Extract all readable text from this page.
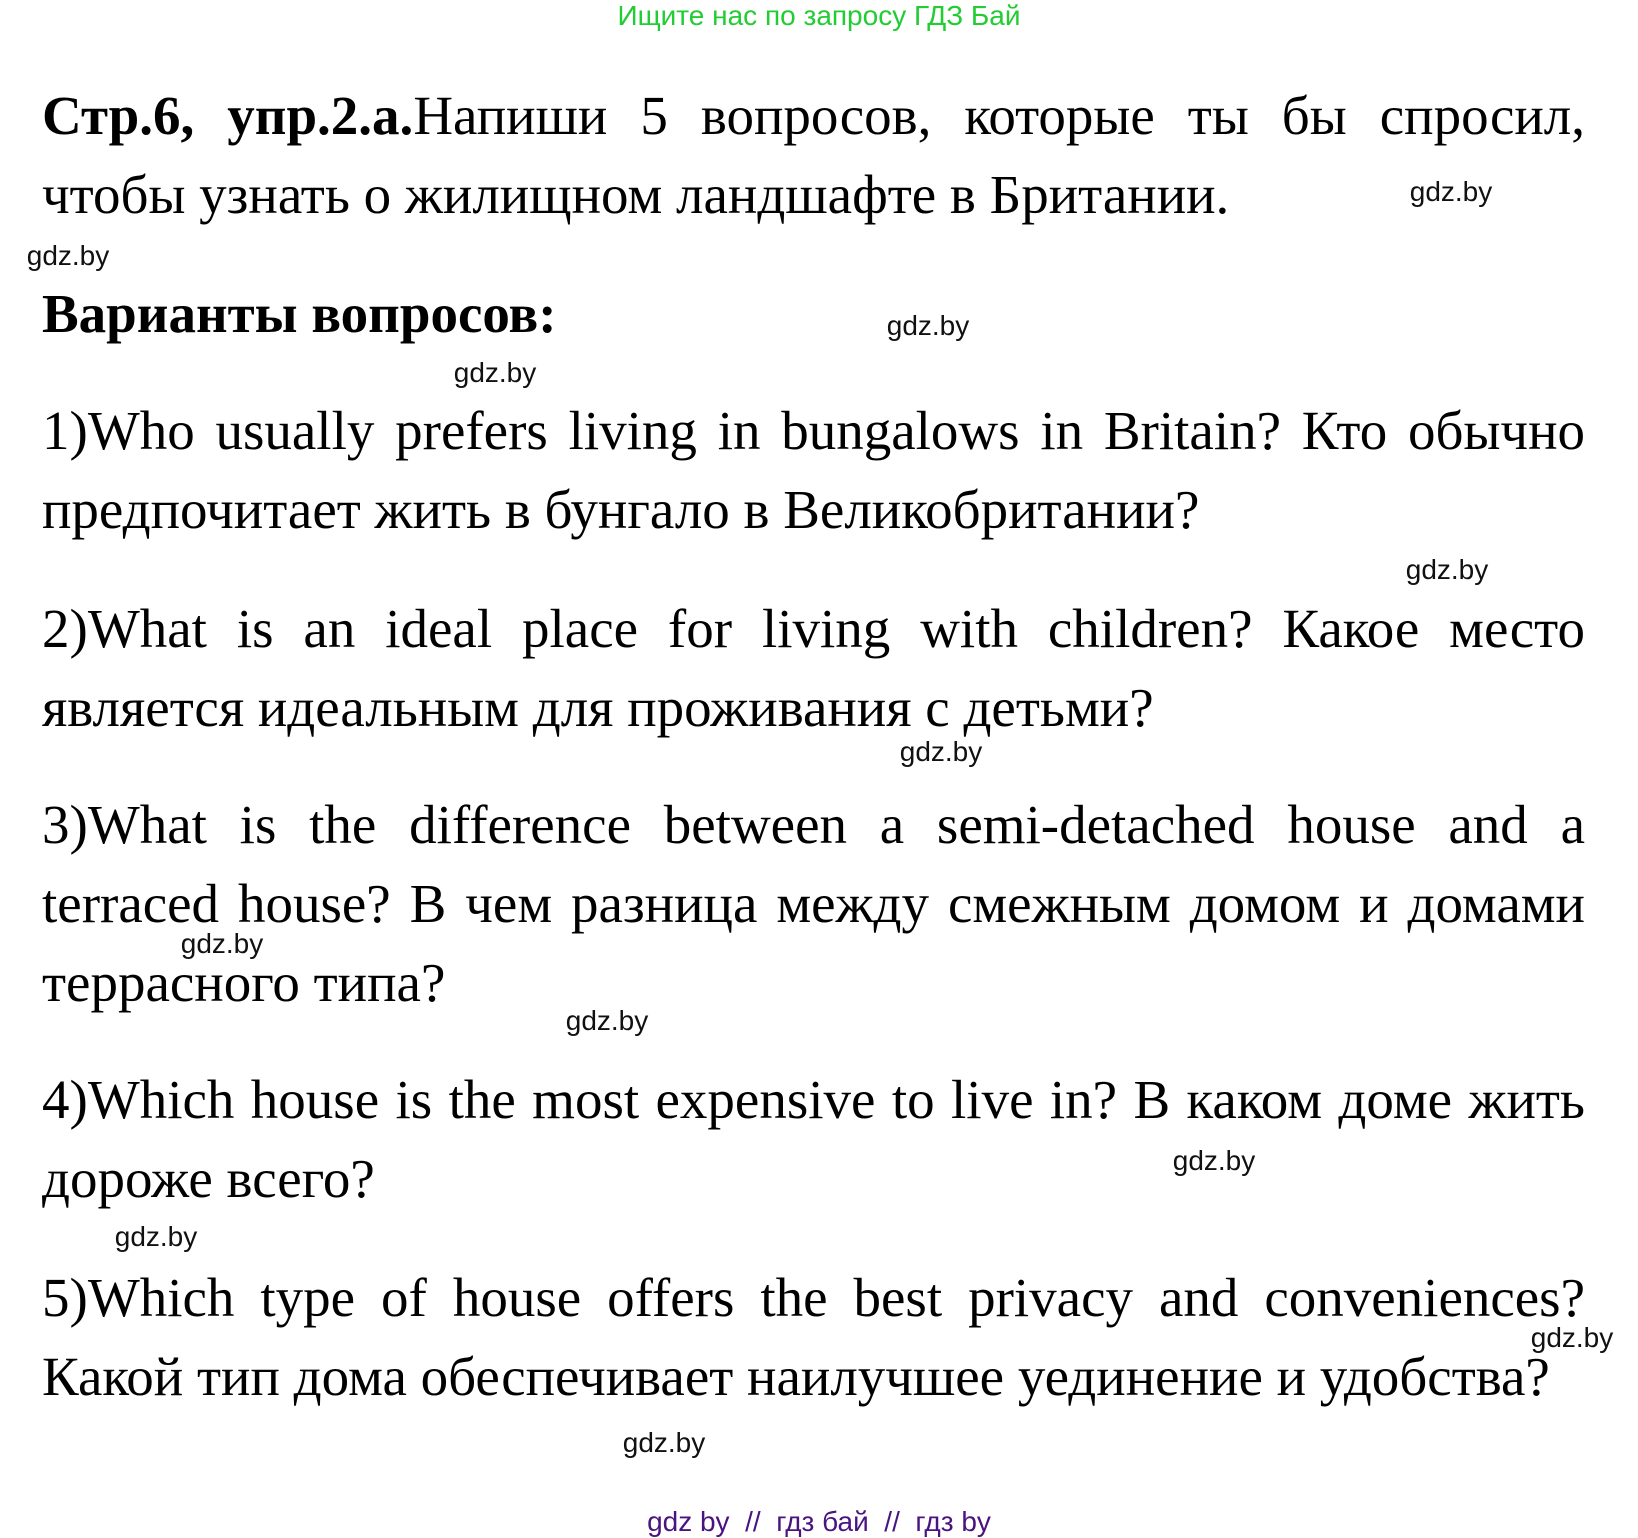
Ищите нас по запросу ГДЗ Бай
Стр.6, упр.2.а.Напиши 5 вопросов, которые ты бы спросил, чтобы узнать о жилищном ландшафте в Британии.
Варианты вопросов:
1)Who usually prefers living in bungalows in Britain? Кто обычно предпочитает жить в бунгало в Великобритании?
2)What is an ideal place for living with children? Какое место является идеальным для проживания с детьми?
3)What is the difference between a semi-detached house and a terraced house? В чем разница между смежным домом и домами террасного типа?
4)Which house is the most expensive to live in? В каком доме жить дороже всего?
5)Which type of house offers the best privacy and conveniences? Какой тип дома обеспечивает наилучшее уединение и удобства?
gdz.by
gdz.by
gdz.by
gdz.by
gdz.by
gdz.by
gdz.by
gdz.by
gdz.by
gdz.by
gdz.by
gdz.by
gdz by  //  гдз бай  //  гдз by
